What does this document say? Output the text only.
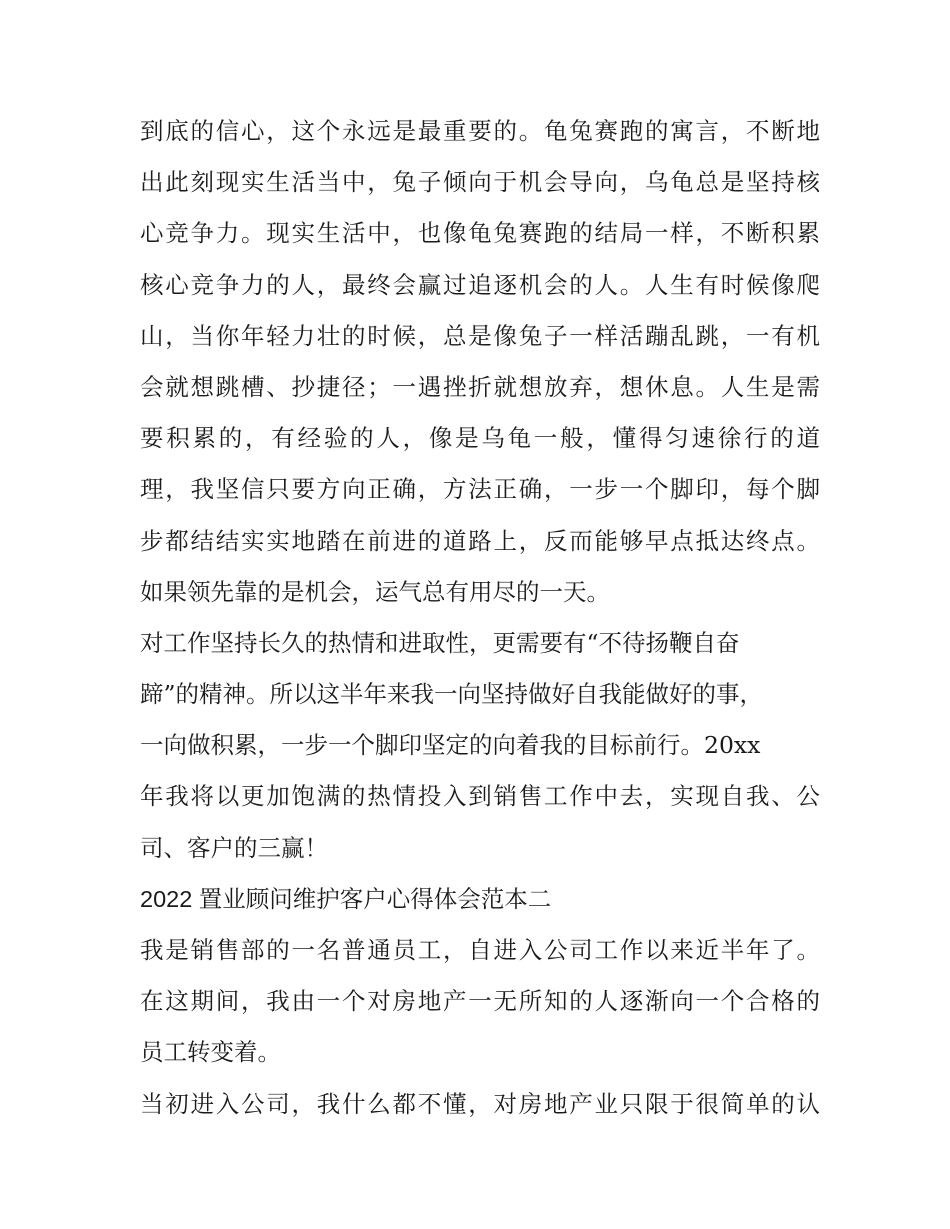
到底的信心，这个永远是最重要的。龟兔赛跑的寓言，不断地
出此刻现实生活当中，兔子倾向于机会导向，乌龟总是坚持核
心竞争力。现实生活中，也像龟兔赛跑的结局一样，不断积累
核心竞争力的人，最终会赢过追逐机会的人。人生有时候像爬
山，当你年轻力壮的时候，总是像兔子一样活蹦乱跳，一有机
会就想跳槽、抄捷径；一遇挫折就想放弃，想休息。人生是需
要积累的，有经验的人，像是乌龟一般，懂得匀速徐行的道
理，我坚信只要方向正确，方法正确，一步一个脚印，每个脚
步都结结实实地踏在前进的道路上，反而能够早点抵达终点。
如果领先靠的是机会，运气总有用尽的一天。
对工作坚持长久的热情和进取性，更需要有“不待扬鞭自奋
蹄”的精神。所以这半年来我一向坚持做好自我能做好的事，
一向做积累，一步一个脚印坚定的向着我的目标前行。20xx
年我将以更加饱满的热情投入到销售工作中去，实现自我、公
司、客户的三赢！
2022 置业顾问维护客户心得体会范本二
我是销售部的一名普通员工，自进入公司工作以来近半年了。
在这期间，我由一个对房地产一无所知的人逐渐向一个合格的
员工转变着。
当初进入公司，我什么都不懂，对房地产业只限于很简单的认
